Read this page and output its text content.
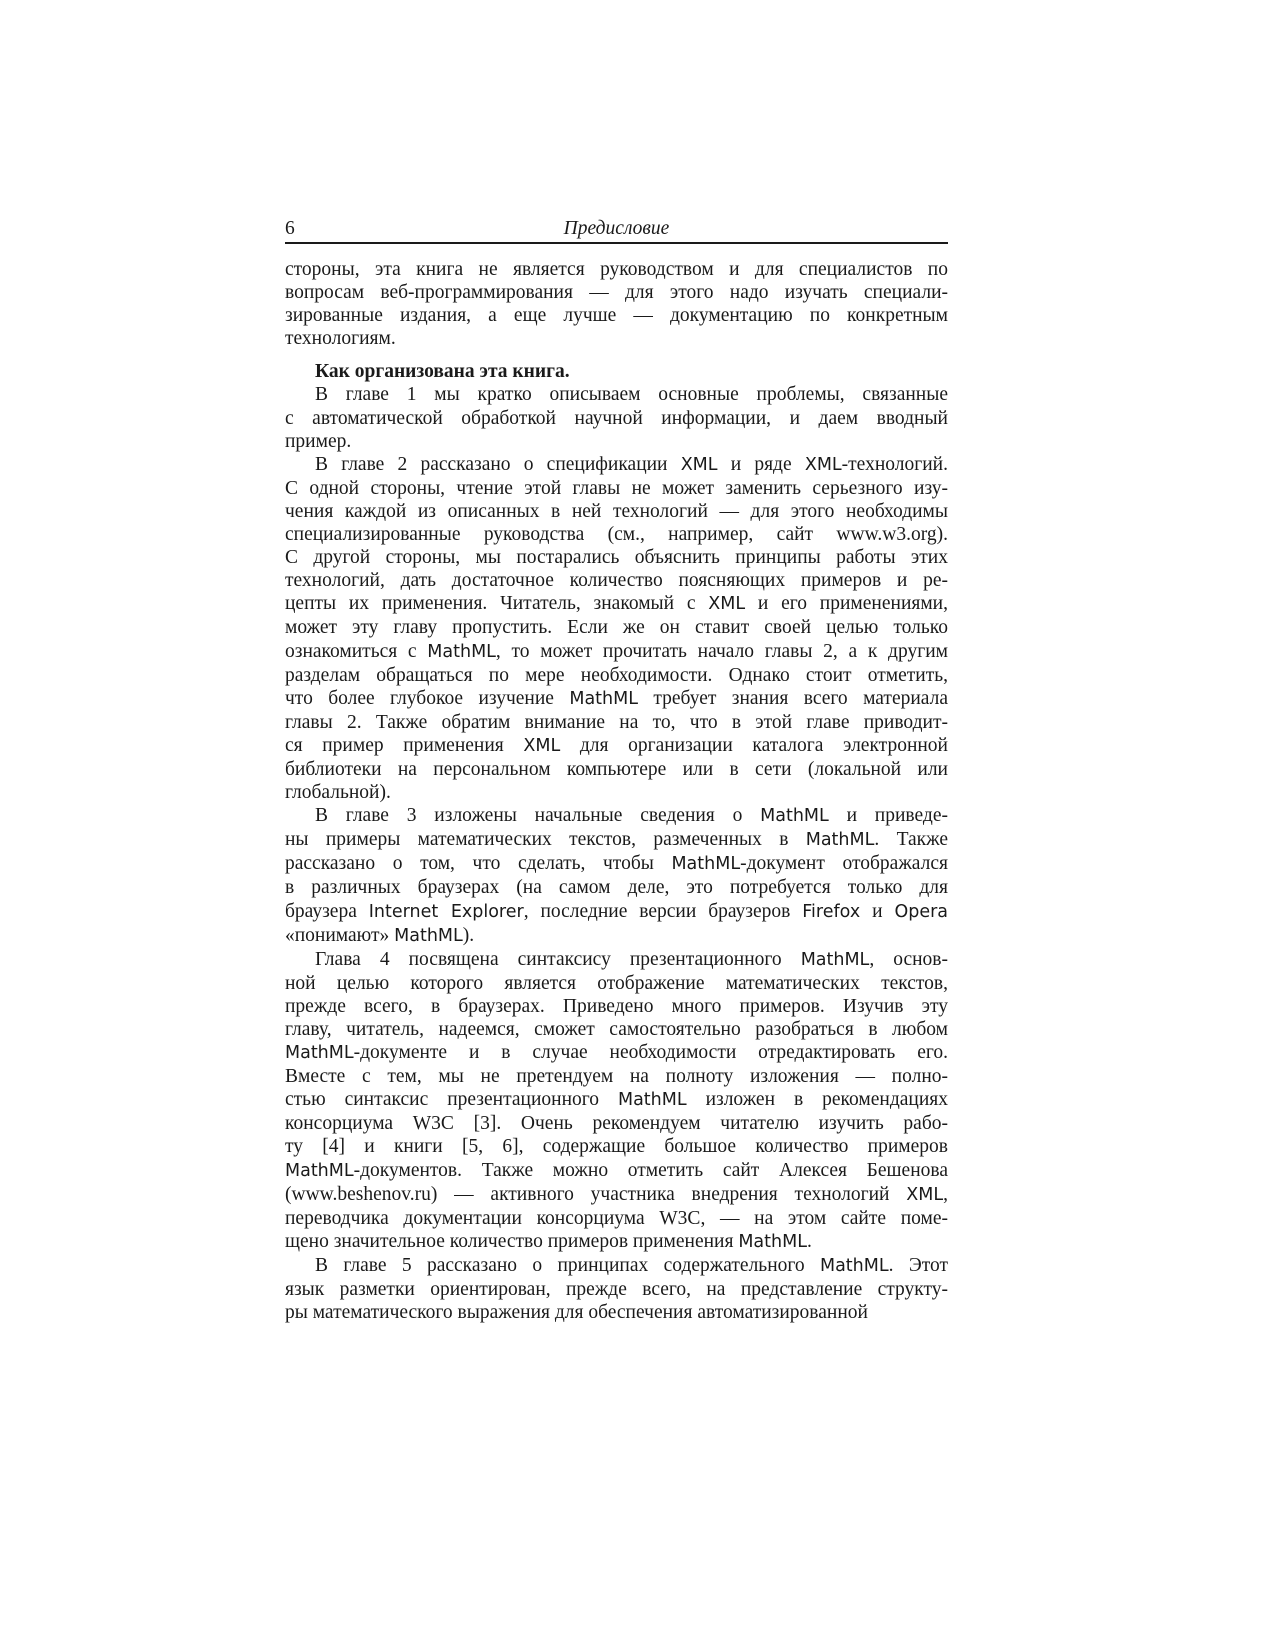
6	Предисловие
стороны, эта книга не является руководством и для специалистов по
вопросам веб-программирования — для этого надо изучать специали-
зированные издания, а еще лучше — документацию по конкретным
технологиям.
Как организована эта книга.
В главе 1 мы кратко описываем основные проблемы, связанные
с автоматической обработкой научной информации, и даем вводный
пример.
В главе 2 рассказано о спецификации XML и ряде XML-технологий.
С одной стороны, чтение этой главы не может заменить серьезного изу-
чения каждой из описанных в ней технологий — для этого необходимы
специализированные руководства (см., например, сайт www.w3.org).
С другой стороны, мы постарались объяснить принципы работы этих
технологий, дать достаточное количество поясняющих примеров и ре-
цепты их применения. Читатель, знакомый с XML и его применениями,
может эту главу пропустить. Если же он ставит своей целью только
ознакомиться с MathML, то может прочитать начало главы 2, а к другим
разделам обращаться по мере необходимости. Однако стоит отметить,
что более глубокое изучение MathML требует знания всего материала
главы 2. Также обратим внимание на то, что в этой главе приводит-
ся пример применения XML для организации каталога электронной
библиотеки на персональном компьютере или в сети (локальной или
глобальной).
В главе 3 изложены начальные сведения о MathML и приведе-
ны примеры математических текстов, размеченных в MathML. Также
рассказано о том, что сделать, чтобы MathML-документ отображался
в различных браузерах (на самом деле, это потребуется только для
браузера Internet Explorer, последние версии браузеров Firefox и Opera
«понимают» MathML).
Глава 4 посвящена синтаксису презентационного MathML, основ-
ной целью которого является отображение математических текстов,
прежде всего, в браузерах. Приведено много примеров. Изучив эту
главу, читатель, надеемся, сможет самостоятельно разобраться в любом
MathML-документе и в случае необходимости отредактировать его.
Вместе с тем, мы не претендуем на полноту изложения — полно-
стью синтаксис презентационного MathML изложен в рекомендациях
консорциума W3C [3]. Очень рекомендуем читателю изучить рабо-
ту [4] и книги [5, 6], содержащие большое количество примеров
MathML-документов. Также можно отметить сайт Алексея Бешенова
(www.beshenov.ru) — активного участника внедрения технологий XML,
переводчика документации консорциума W3C, — на этом сайте поме-
щено значительное количество примеров применения MathML.
В главе 5 рассказано о принципах содержательного MathML. Этот
язык разметки ориентирован, прежде всего, на представление структу-
ры математического выражения для обеспечения автоматизированной
